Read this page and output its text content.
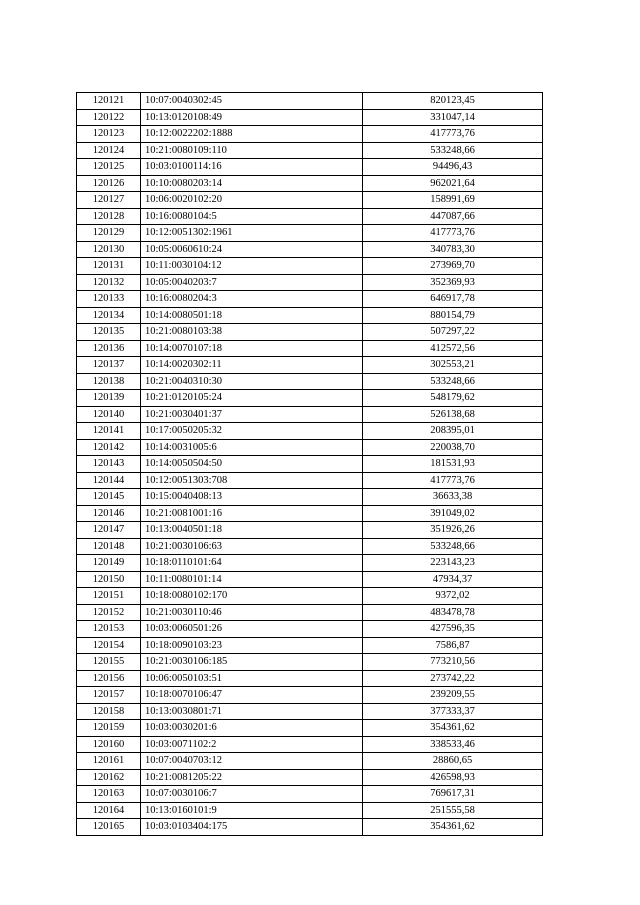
120121	10:07:0040302:45	820123,45
120122	10:13:0120108:49	331047,14
120123	10:12:0022202:1888	417773,76
120124	10:21:0080109:110	533248,66
120125	10:03:0100114:16	94496,43
120126	10:10:0080203:14	962021,64
120127	10:06:0020102:20	158991,69
120128	10:16:0080104:5	447087,66
120129	10:12:0051302:1961	417773,76
120130	10:05:0060610:24	340783,30
120131	10:11:0030104:12	273969,70
120132	10:05:0040203:7	352369,93
120133	10:16:0080204:3	646917,78
120134	10:14:0080501:18	880154,79
120135	10:21:0080103:38	507297,22
120136	10:14:0070107:18	412572,56
120137	10:14:0020302:11	302553,21
120138	10:21:0040310:30	533248,66
120139	10:21:0120105:24	548179,62
120140	10:21:0030401:37	526138,68
120141	10:17:0050205:32	208395,01
120142	10:14:0031005:6	220038,70
120143	10:14:0050504:50	181531,93
120144	10:12:0051303:708	417773,76
120145	10:15:0040408:13	36633,38
120146	10:21:0081001:16	391049,02
120147	10:13:0040501:18	351926,26
120148	10:21:0030106:63	533248,66
120149	10:18:0110101:64	223143,23
120150	10:11:0080101:14	47934,37
120151	10:18:0080102:170	9372,02
120152	10:21:0030110:46	483478,78
120153	10:03:0060501:26	427596,35
120154	10:18:0090103:23	7586,87
120155	10:21:0030106:185	773210,56
120156	10:06:0050103:51	273742,22
120157	10:18:0070106:47	239209,55
120158	10:13:0030801:71	377333,37
120159	10:03:0030201:6	354361,62
120160	10:03:0071102:2	338533,46
120161	10:07:0040703:12	28860,65
120162	10:21:0081205:22	426598,93
120163	10:07:0030106:7	769617,31
120164	10:13:0160101:9	251555,58
120165	10:03:0103404:175	354361,62
